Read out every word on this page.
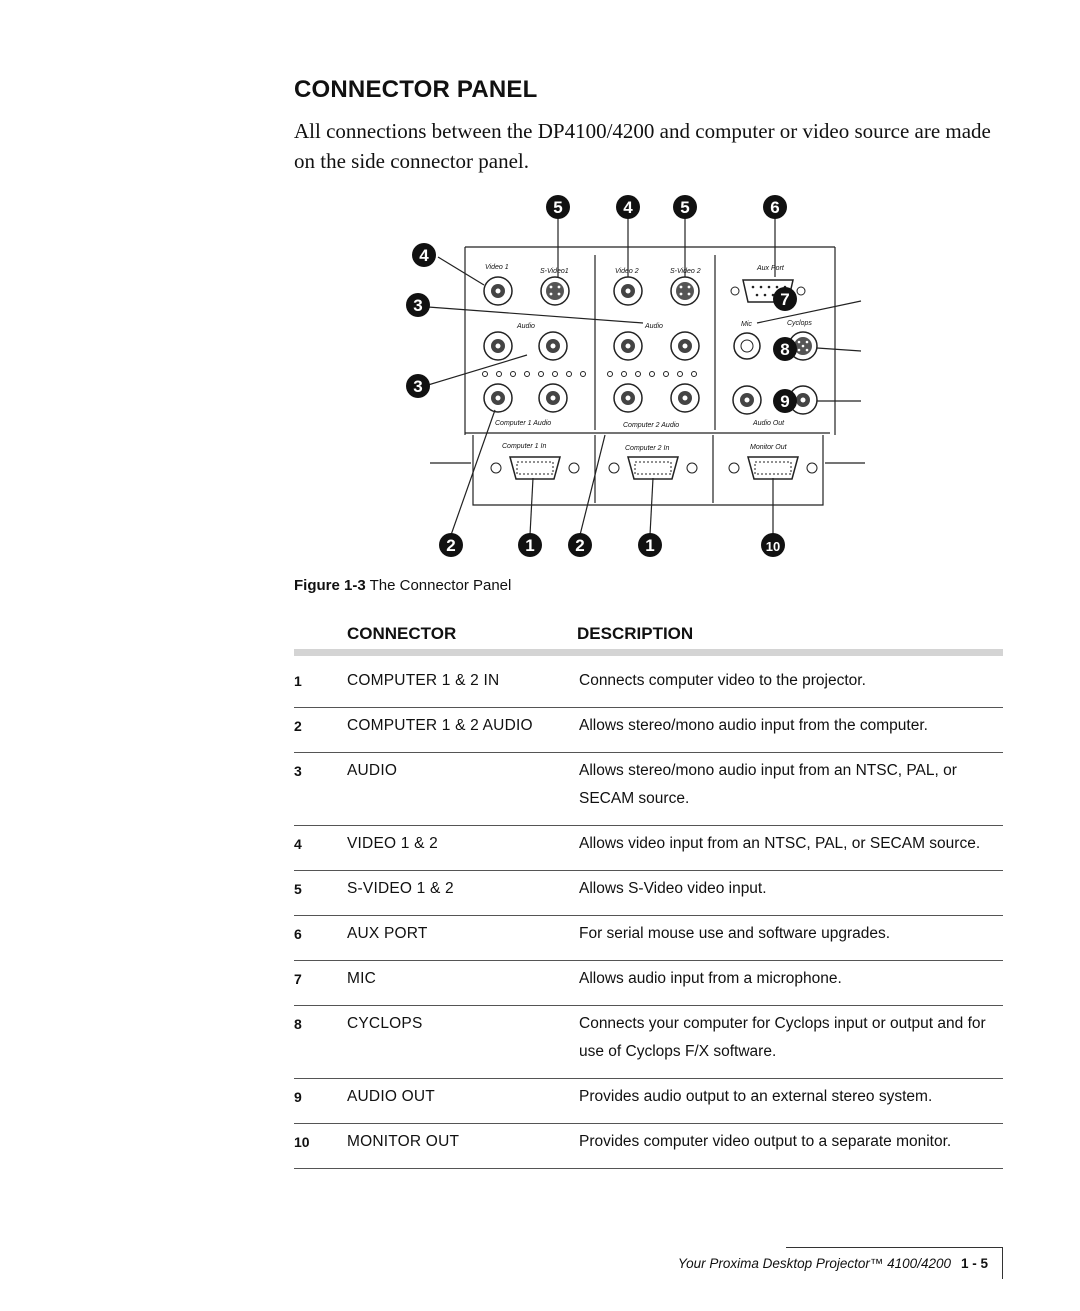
CONNECTOR PANEL
All connections between the DP4100/4200 and computer or video source are made on the side connector panel.
Video 1
S-Video1	Video 2	S-Video 2	Aux Port
Audio	Audio	Mic	Cyclops
Computer 1 Audio	Computer 2 Audio	Audio Out
Computer 1 In	Computer 2 In	Monitor Out
5	4	5	6
4
3
3
7
8
9
2	1 2	1	10
Figure 1-3 The Connector Panel
CONNECTOR	DESCRIPTION
1	COMPUTER 1 & 2 IN	Connects computer video to the projector.
2	COMPUTER 1 & 2 AUDIO	Allows stereo/mono audio input from the computer.
3	AUDIO	Allows stereo/mono audio input from an NTSC, PAL, or SECAM source.
4	VIDEO 1 & 2	Allows video input from an NTSC, PAL, or SECAM source.
5	S-VIDEO 1 & 2	Allows S-Video video input.
6	AUX PORT	For serial mouse use and software upgrades.
7	MIC	Allows audio input from a microphone.
8	CYCLOPS	Connects your computer for Cyclops input or output and for use of Cyclops F/X software.
9	AUDIO OUT	Provides audio output to an external stereo system.
10	MONITOR OUT	Provides computer video output to a separate monitor.
Your Proxima Desktop Projector™ 4100/4200 1 - 5
